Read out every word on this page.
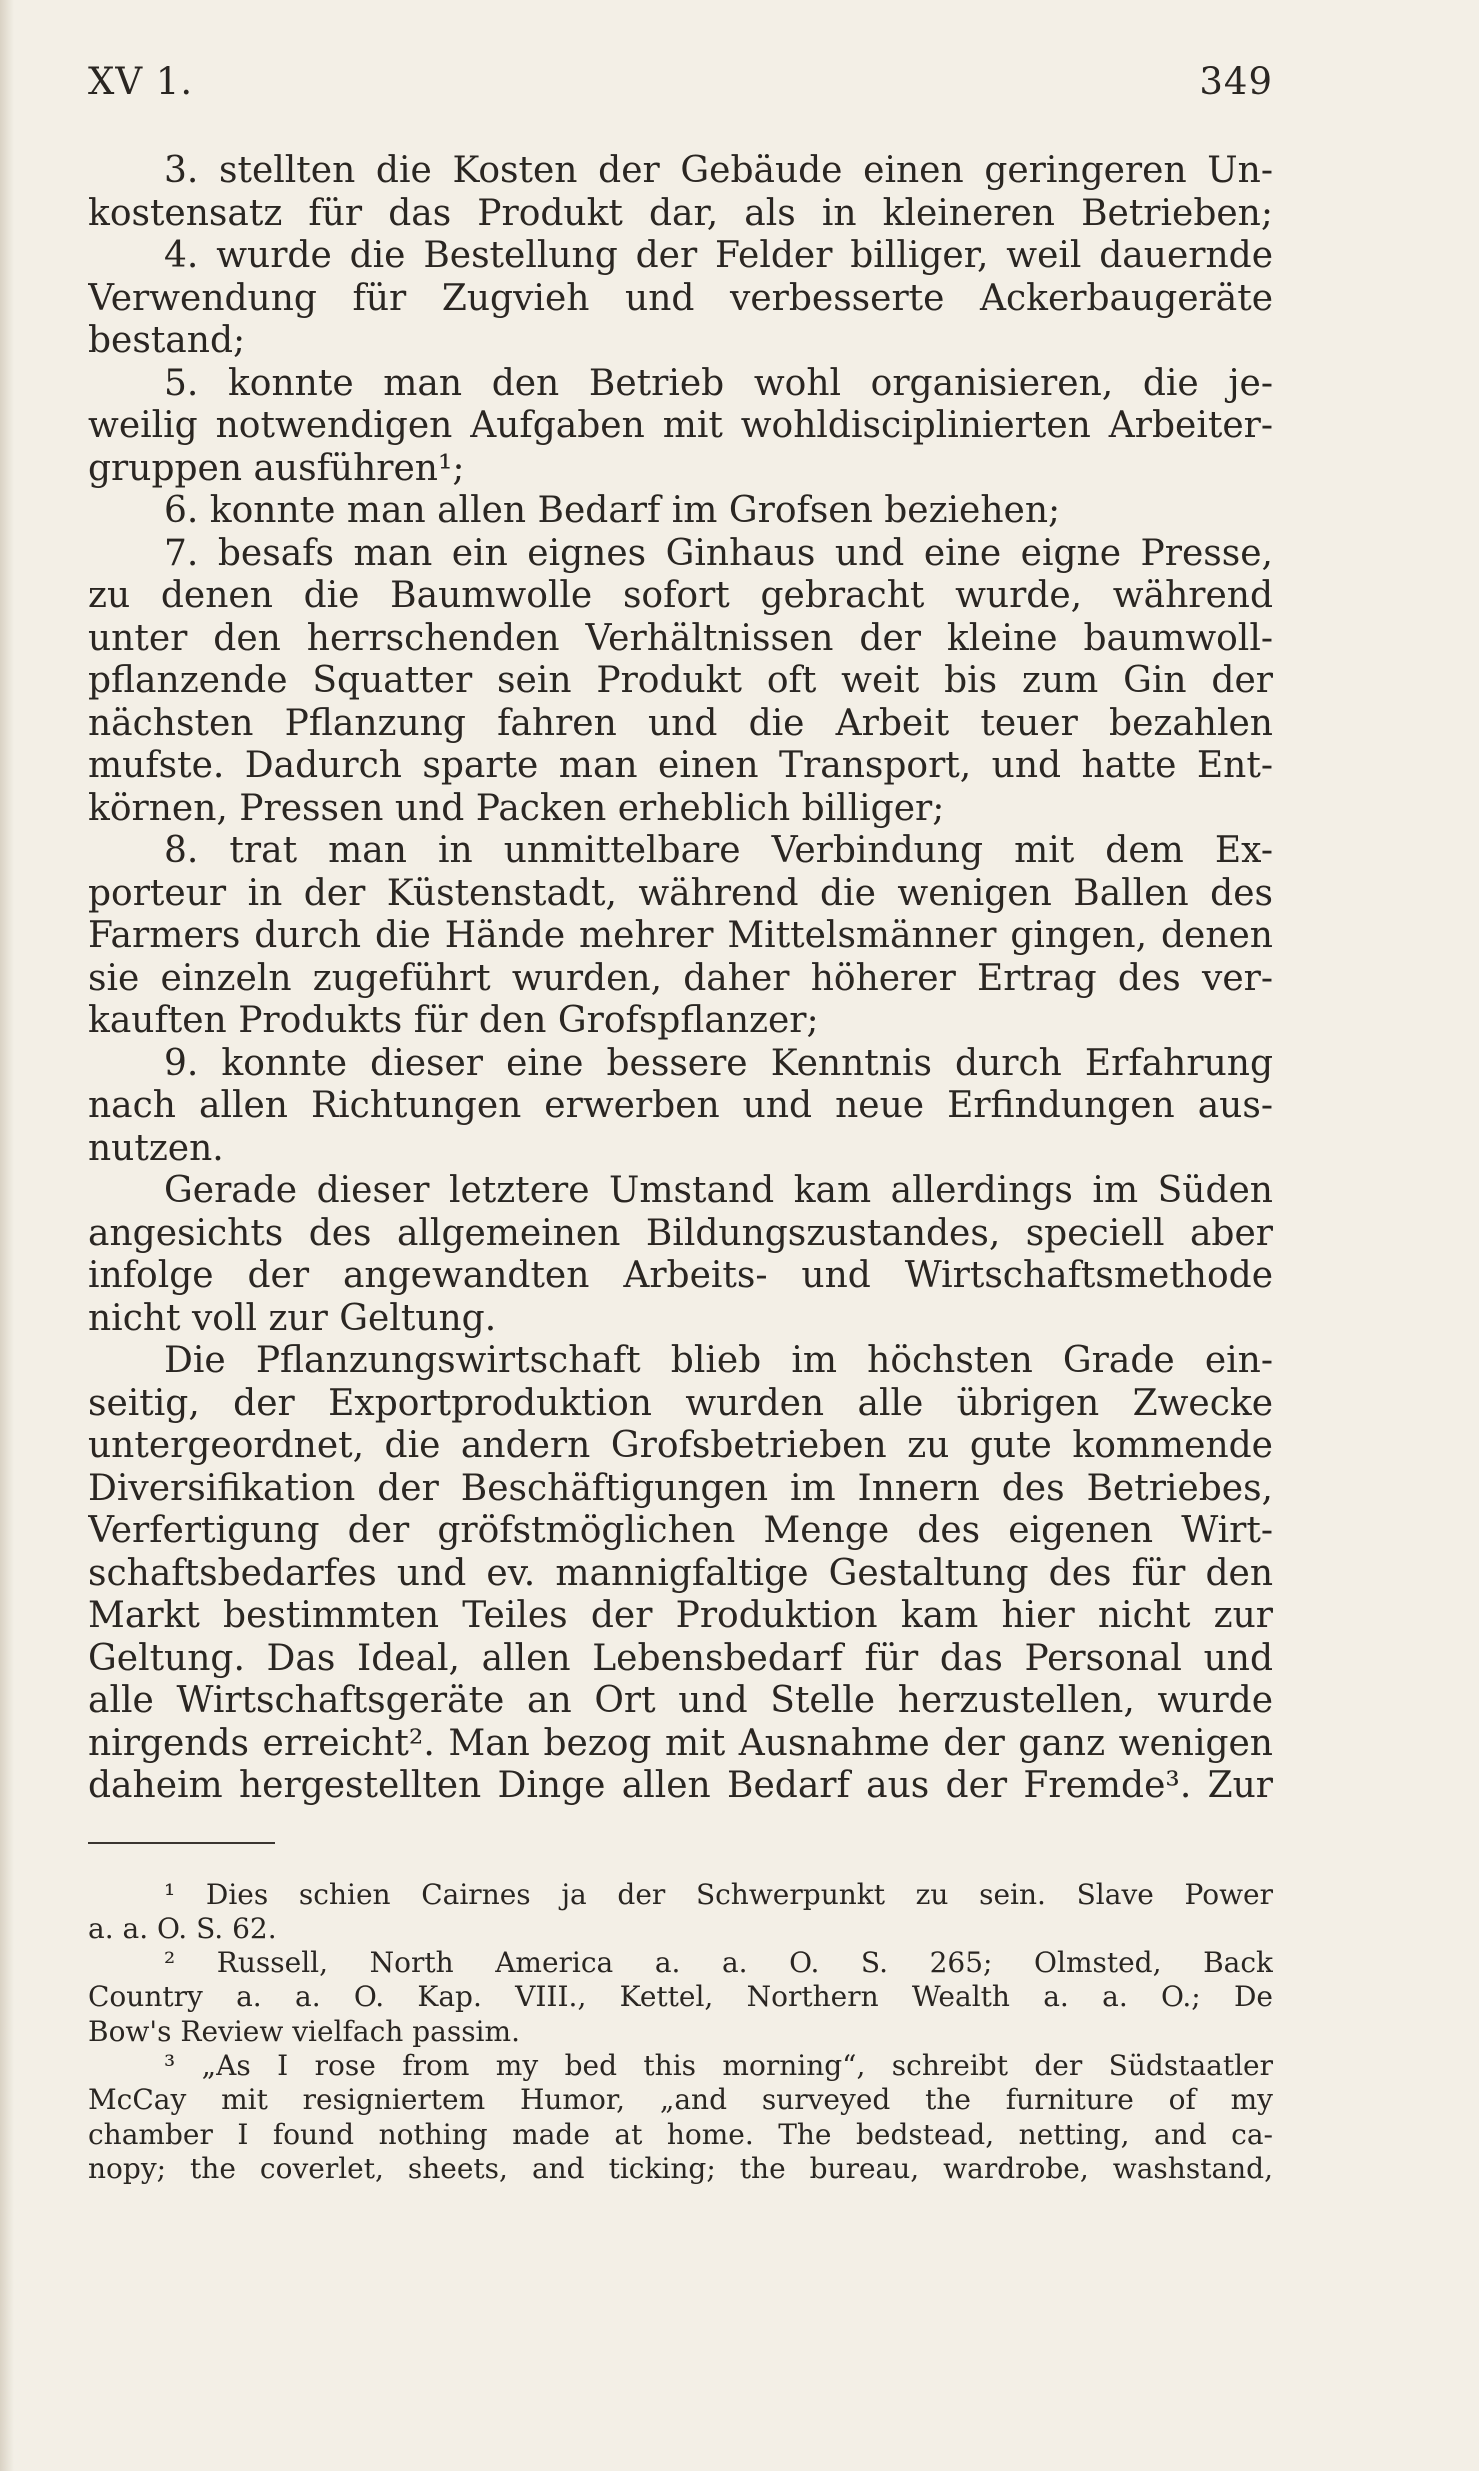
XV 1.	349
3. stellten die Kosten der Gebäude einen geringeren Un-
kostensatz für das Produkt dar, als in kleineren Betrieben;
4. wurde die Bestellung der Felder billiger, weil dauernde
Verwendung für Zugvieh und verbesserte Ackerbaugeräte
bestand;
5. konnte man den Betrieb wohl organisieren, die je-
weilig notwendigen Aufgaben mit wohldisciplinierten Arbeiter-
gruppen ausführen¹;
6. konnte man allen Bedarf im Grofsen beziehen;
7. besafs man ein eignes Ginhaus und eine eigne Presse,
zu denen die Baumwolle sofort gebracht wurde, während
unter den herrschenden Verhältnissen der kleine baumwoll-
pflanzende Squatter sein Produkt oft weit bis zum Gin der
nächsten Pflanzung fahren und die Arbeit teuer bezahlen
mufste. Dadurch sparte man einen Transport, und hatte Ent-
körnen, Pressen und Packen erheblich billiger;
8. trat man in unmittelbare Verbindung mit dem Ex-
porteur in der Küstenstadt, während die wenigen Ballen des
Farmers durch die Hände mehrer Mittelsmänner gingen, denen
sie einzeln zugeführt wurden, daher höherer Ertrag des ver-
kauften Produkts für den Grofspflanzer;
9. konnte dieser eine bessere Kenntnis durch Erfahrung
nach allen Richtungen erwerben und neue Erfindungen aus-
nutzen.
Gerade dieser letztere Umstand kam allerdings im Süden
angesichts des allgemeinen Bildungszustandes, speciell aber
infolge der angewandten Arbeits- und Wirtschaftsmethode
nicht voll zur Geltung.
Die Pflanzungswirtschaft blieb im höchsten Grade ein-
seitig, der Exportproduktion wurden alle übrigen Zwecke
untergeordnet, die andern Grofsbetrieben zu gute kommende
Diversifikation der Beschäftigungen im Innern des Betriebes,
Verfertigung der gröfstmöglichen Menge des eigenen Wirt-
schaftsbedarfes und ev. mannigfaltige Gestaltung des für den
Markt bestimmten Teiles der Produktion kam hier nicht zur
Geltung. Das Ideal, allen Lebensbedarf für das Personal und
alle Wirtschaftsgeräte an Ort und Stelle herzustellen, wurde
nirgends erreicht². Man bezog mit Ausnahme der ganz wenigen
daheim hergestellten Dinge allen Bedarf aus der Fremde³. Zur
¹ Dies schien Cairnes ja der Schwerpunkt zu sein. Slave Power
a. a. O. S. 62.
² Russell, North America a. a. O. S. 265; Olmsted, Back
Country a. a. O. Kap. VIII., Kettel, Northern Wealth a. a. O.; De
Bow's Review vielfach passim.
³ „As I rose from my bed this morning“, schreibt der Südstaatler
McCay mit resigniertem Humor, „and surveyed the furniture of my
chamber I found nothing made at home. The bedstead, netting, and ca-
nopy; the coverlet, sheets, and ticking; the bureau, wardrobe, washstand,
